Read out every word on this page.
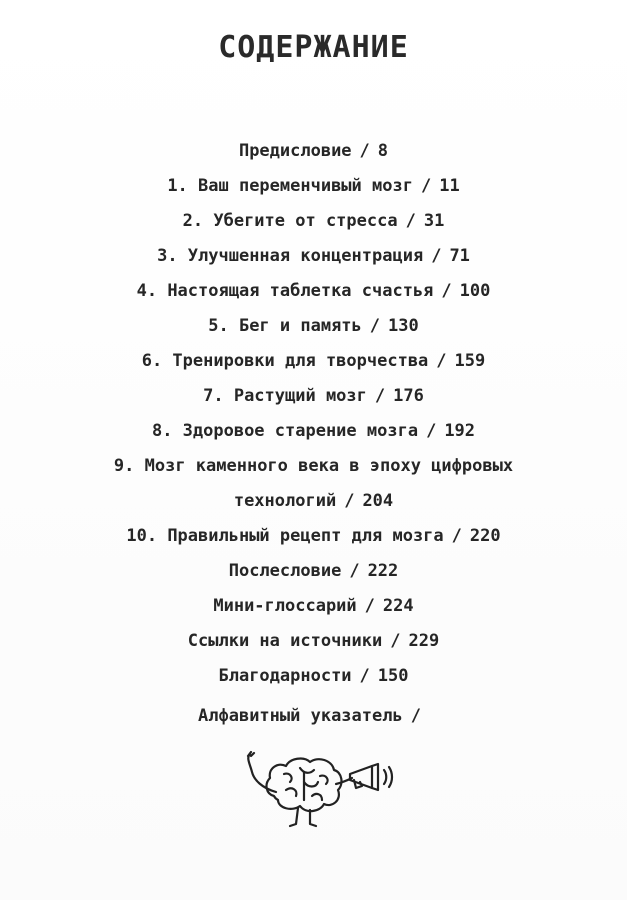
СОДЕРЖАНИЕ
Предисловие / 8
1. Ваш переменчивый мозг / 11
2. Убегите от стресса / 31
3. Улучшенная концентрация / 71
4. Настоящая таблетка счастья / 100
5. Бег и память / 130
6. Тренировки для творчества / 159
7. Растущий мозг / 176
8. Здоровое старение мозга / 192
9. Мозг каменного века в эпоху цифровых
технологий / 204
10. Правильный рецепт для мозга / 220
Послесловие / 222
Мини-глоссарий / 224
Ссылки на источники / 229
Благодарности / 150
Алфавитный указатель /
